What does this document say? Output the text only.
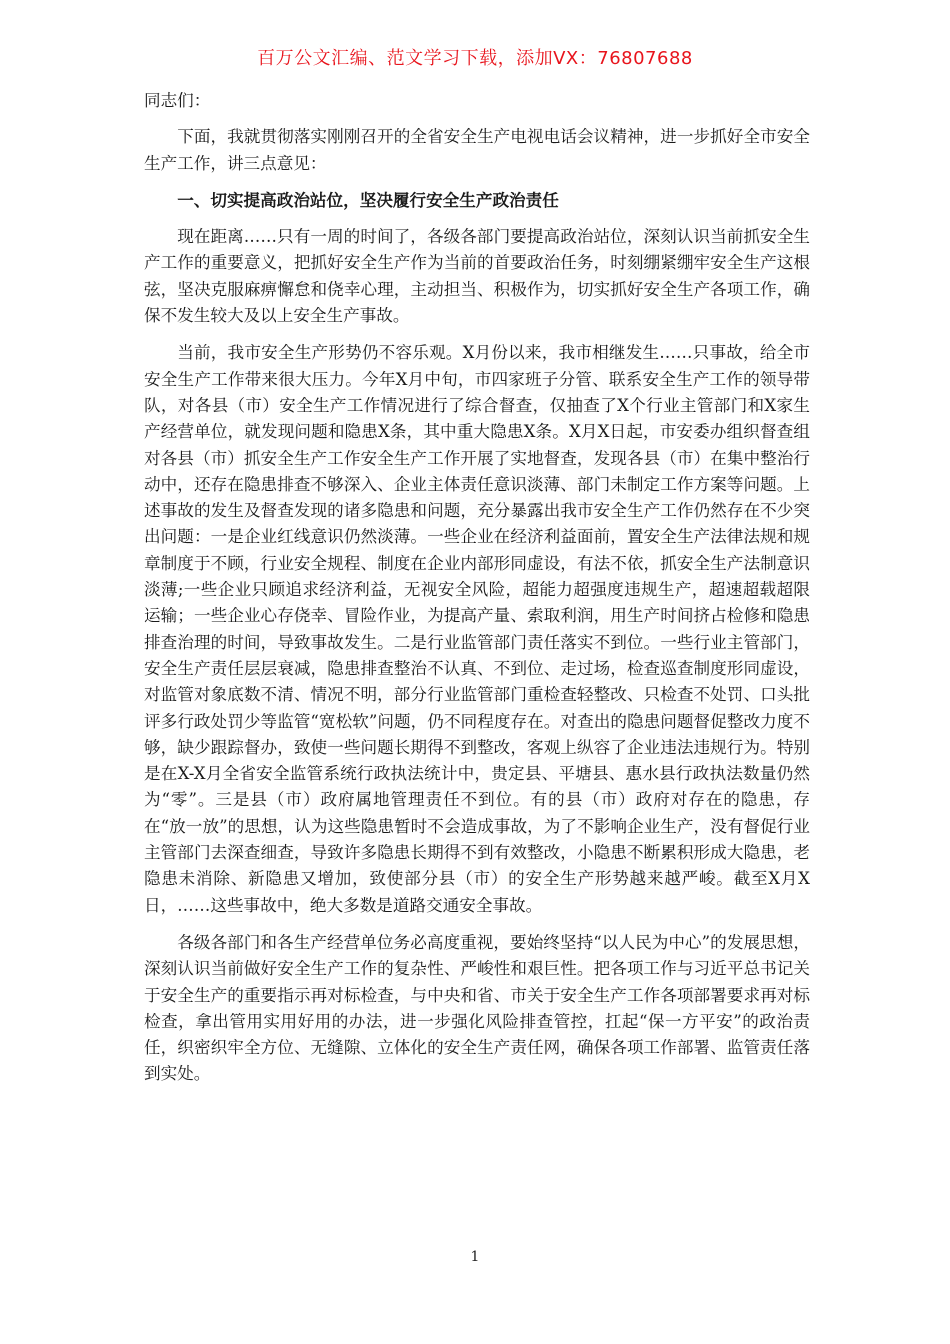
百万公文汇编、范文学习下载，添加VX：76807688

同志们：

下面，我就贯彻落实刚刚召开的全省安全生产电视电话会议精神，进一步抓好全市安全生产工作，讲三点意见：

一、切实提高政治站位，坚决履行安全生产政治责任

现在距离……只有一周的时间了，各级各部门要提高政治站位，深刻认识当前抓安全生产工作的重要意义，把抓好安全生产作为当前的首要政治任务，时刻绷紧绷牢安全生产这根弦，坚决克服麻痹懈怠和侥幸心理，主动担当、积极作为，切实抓好安全生产各项工作，确保不发生较大及以上安全生产事故。

当前，我市安全生产形势仍不容乐观。X月份以来，我市相继发生……只事故，给全市安全生产工作带来很大压力。今年X月中旬，市四家班子分管、联系安全生产工作的领导带队，对各县（市）安全生产工作情况进行了综合督查，仅抽查了X个行业主管部门和X家生产经营单位，就发现问题和隐患X条，其中重大隐患X条。X月X日起，市安委办组织督查组对各县（市）抓安全生产工作安全生产工作开展了实地督查，发现各县（市）在集中整治行动中，还存在隐患排查不够深入、企业主体责任意识淡薄、部门未制定工作方案等问题。上述事故的发生及督查发现的诸多隐患和问题，充分暴露出我市安全生产工作仍然存在不少突出问题：一是企业红线意识仍然淡薄。一些企业在经济利益面前，置安全生产法律法规和规章制度于不顾，行业安全规程、制度在企业内部形同虚设，有法不依，抓安全生产法制意识淡薄;一些企业只顾追求经济利益，无视安全风险，超能力超强度违规生产，超速超载超限运输；一些企业心存侥幸、冒险作业，为提高产量、索取利润，用生产时间挤占检修和隐患排查治理的时间，导致事故发生。二是行业监管部门责任落实不到位。一些行业主管部门，安全生产责任层层衰减，隐患排查整治不认真、不到位、走过场，检查巡查制度形同虚设，对监管对象底数不清、情况不明，部分行业监管部门重检查轻整改、只检查不处罚、口头批评多行政处罚少等监管“宽松软”问题，仍不同程度存在。对查出的隐患问题督促整改力度不够，缺少跟踪督办，致使一些问题长期得不到整改，客观上纵容了企业违法违规行为。特别是在X-X月全省安全监管系统行政执法统计中，贵定县、平塘县、惠水县行政执法数量仍然为“零”。三是县（市）政府属地管理责任不到位。有的县（市）政府对存在的隐患，存在“放一放”的思想，认为这些隐患暂时不会造成事故，为了不影响企业生产，没有督促行业主管部门去深查细查，导致许多隐患长期得不到有效整改，小隐患不断累积形成大隐患，老隐患未消除、新隐患又增加，致使部分县（市）的安全生产形势越来越严峻。截至X月X日，……这些事故中，绝大多数是道路交通安全事故。

各级各部门和各生产经营单位务必高度重视，要始终坚持“以人民为中心”的发展思想，深刻认识当前做好安全生产工作的复杂性、严峻性和艰巨性。把各项工作与习近平总书记关于安全生产的重要指示再对标检查，与中央和省、市关于安全生产工作各项部署要求再对标检查，拿出管用实用好用的办法，进一步强化风险排查管控，扛起“保一方平安”的政治责任，织密织牢全方位、无缝隙、立体化的安全生产责任网，确保各项工作部署、监管责任落到实处。

1
